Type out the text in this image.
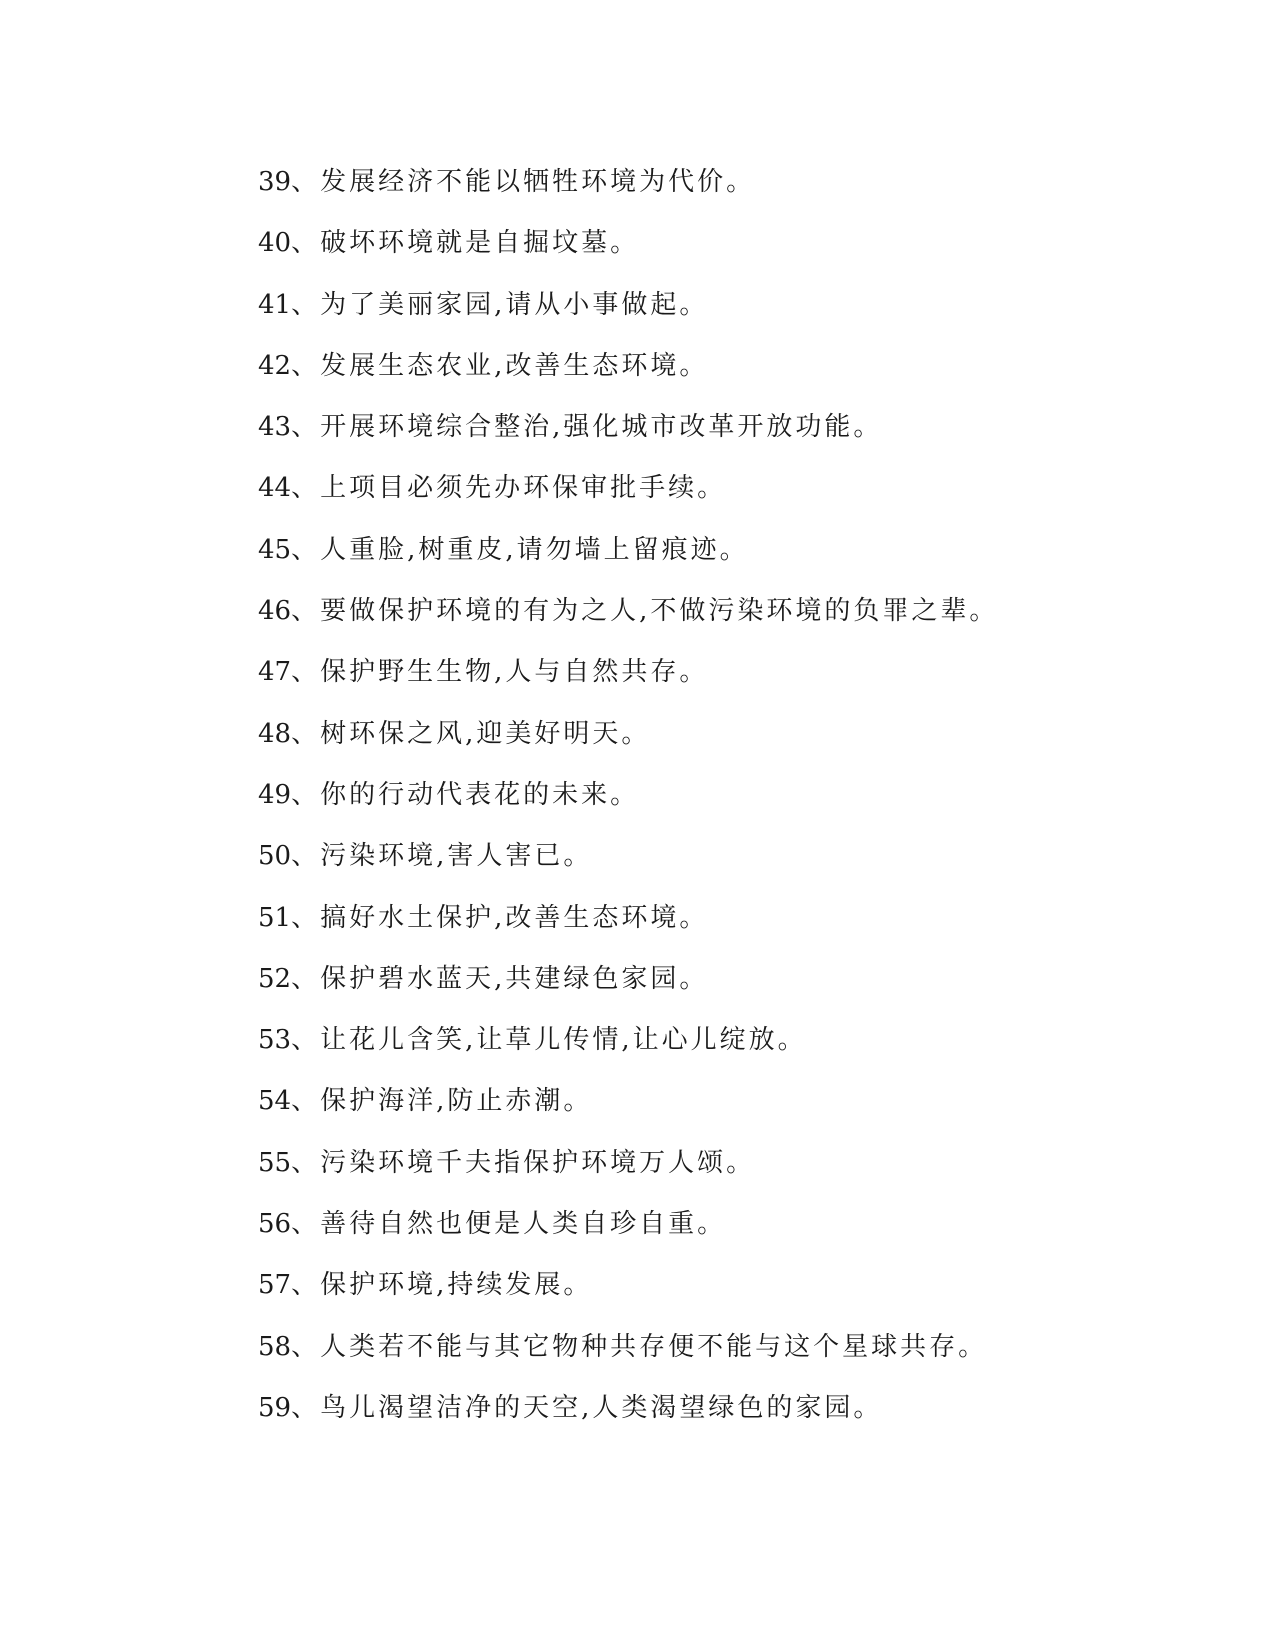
39、发展经济不能以牺牲环境为代价。
40、破坏环境就是自掘坟墓。
41、为了美丽家园,请从小事做起。
42、发展生态农业,改善生态环境。
43、开展环境综合整治,强化城市改革开放功能。
44、上项目必须先办环保审批手续。
45、人重脸,树重皮,请勿墙上留痕迹。
46、要做保护环境的有为之人,不做污染环境的负罪之辈。
47、保护野生生物,人与自然共存。
48、树环保之风,迎美好明天。
49、你的行动代表花的未来。
50、污染环境,害人害已。
51、搞好水土保护,改善生态环境。
52、保护碧水蓝天,共建绿色家园。
53、让花儿含笑,让草儿传情,让心儿绽放。
54、保护海洋,防止赤潮。
55、污染环境千夫指保护环境万人颂。
56、善待自然也便是人类自珍自重。
57、保护环境,持续发展。
58、人类若不能与其它物种共存便不能与这个星球共存。
59、鸟儿渴望洁净的天空,人类渴望绿色的家园。
